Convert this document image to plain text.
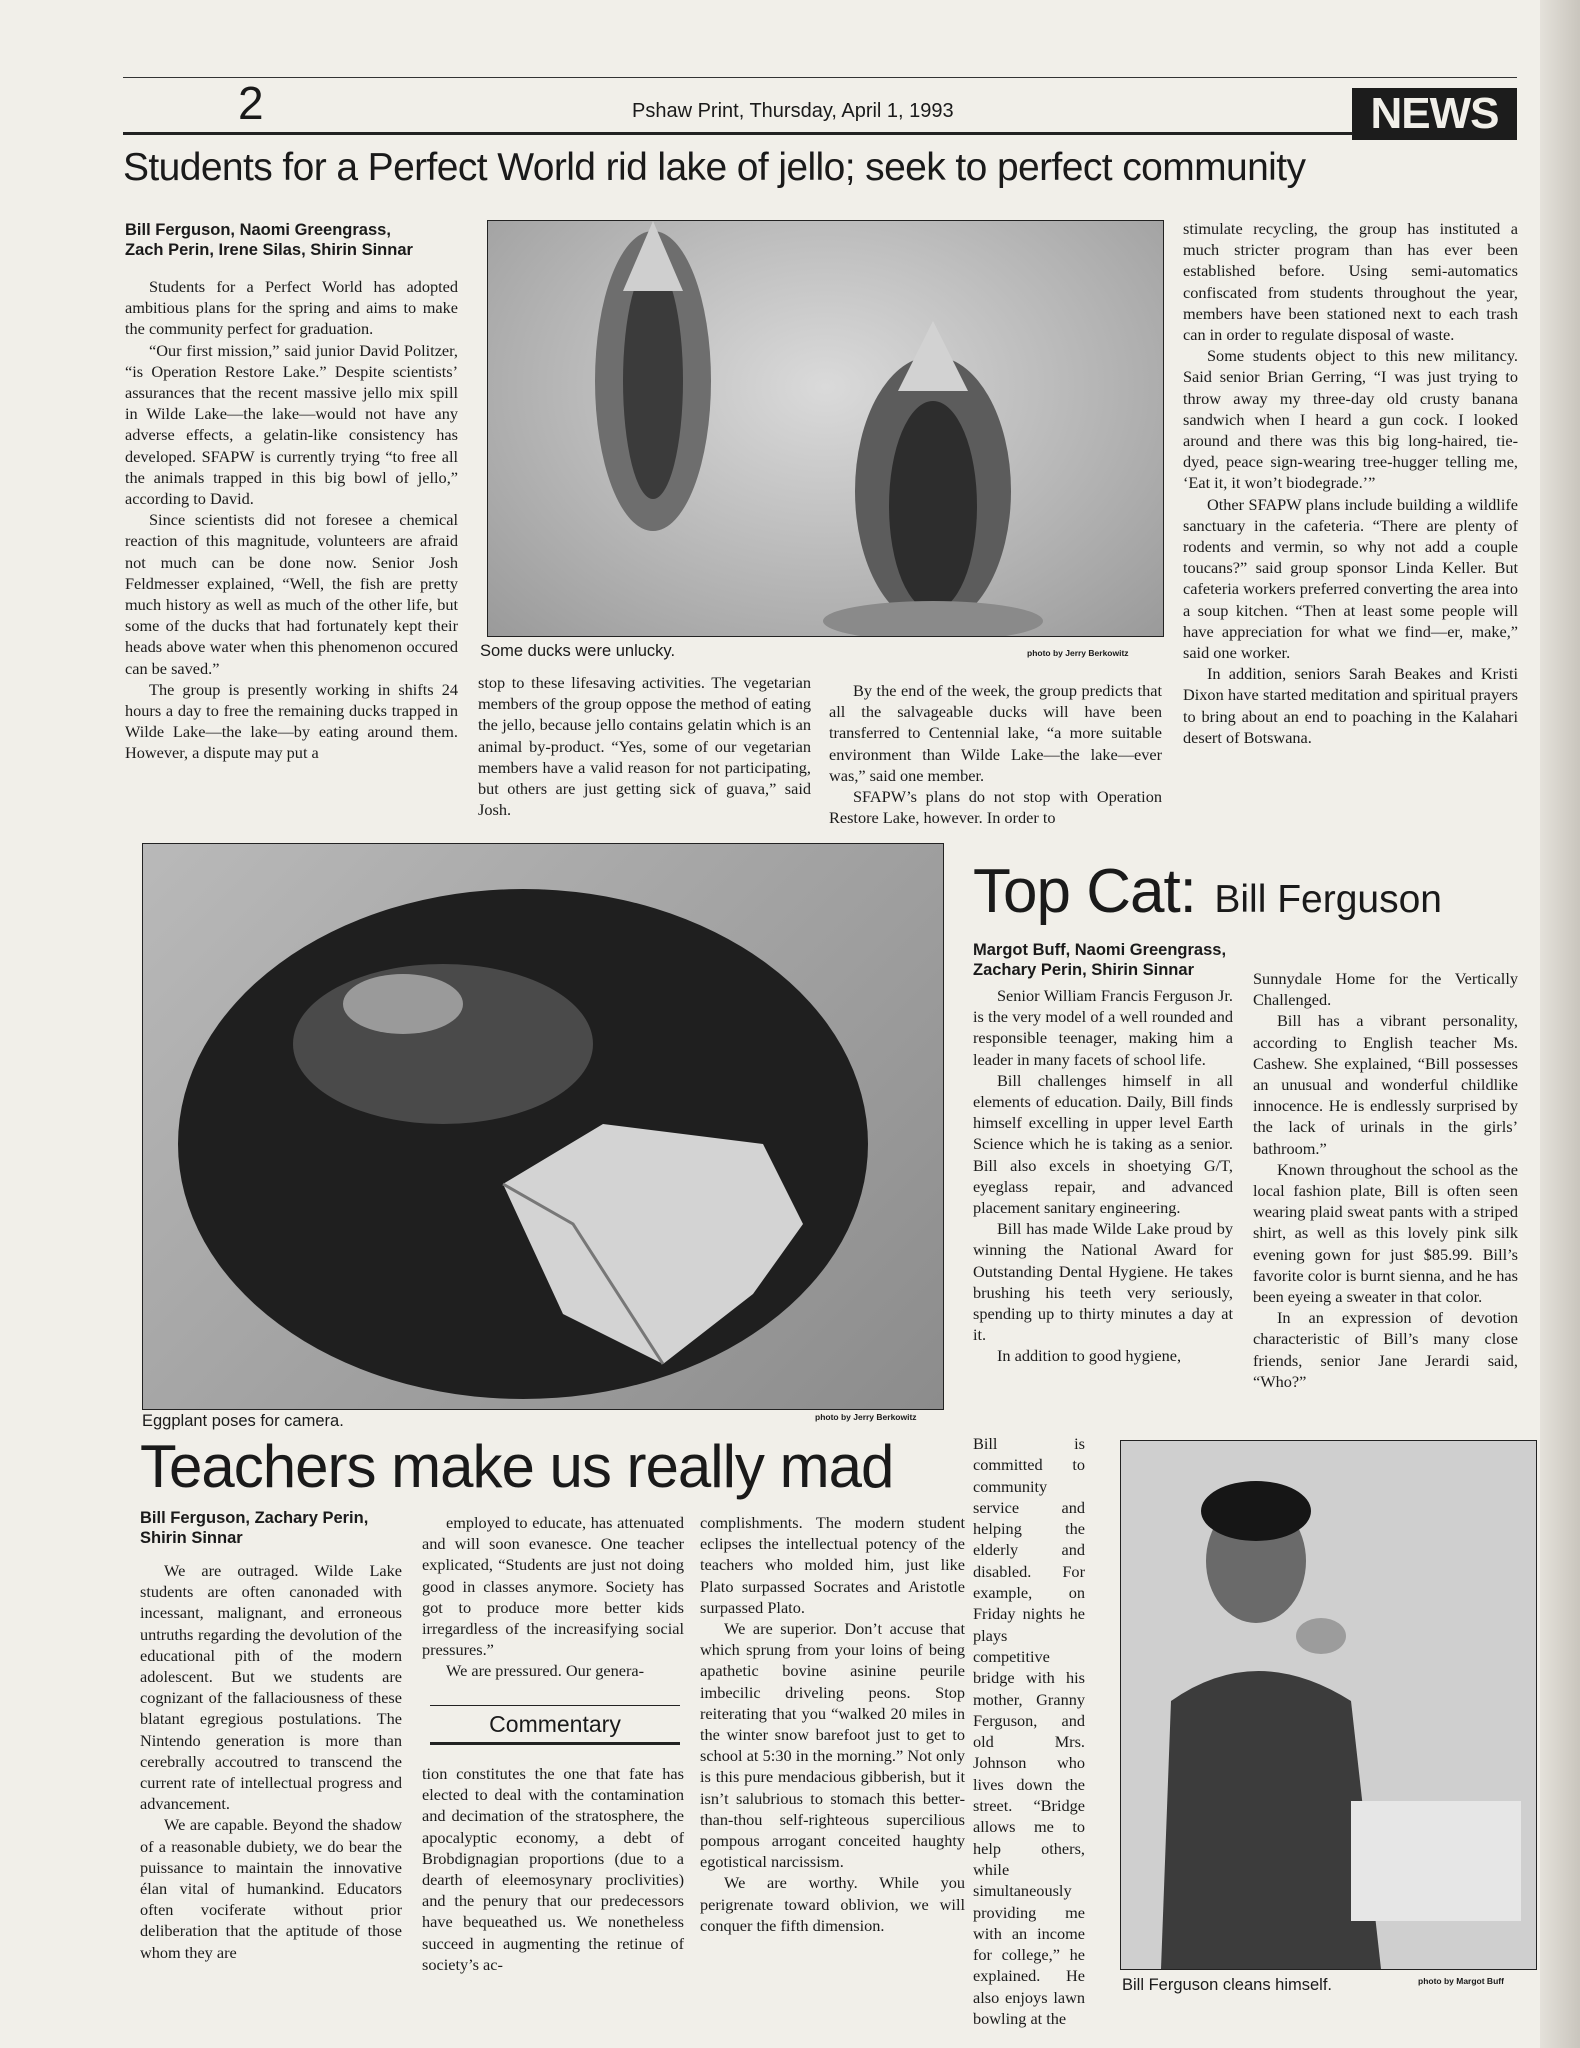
2	Pshaw Print, Thursday, April 1, 1993	NEWS
Students for a Perfect World rid lake of jello; seek to perfect community
Bill Ferguson, Naomi Greengrass,
Zach Perin, Irene Silas, Shirin Sinnar

Students for a Perfect World has adopted ambitious plans for the spring and aims to make the community perfect for graduation.

“Our first mission,” said junior David Politzer, “is Operation Restore Lake.” Despite scientists’ assurances that the recent massive jello mix spill in Wilde Lake—the lake—would not have any adverse effects, a gelatin-like consistency has developed. SFAPW is currently trying “to free all the animals trapped in this big bowl of jello,” according to David.

Since scientists did not foresee a chemical reaction of this magnitude, volunteers are afraid not much can be done now. Senior Josh Feldmesser explained, “Well, the fish are pretty much history as well as much of the other life, but some of the ducks that had fortunately kept their heads above water when this phenomenon occured can be saved.”

The group is presently working in shifts 24 hours a day to free the remaining ducks trapped in Wilde Lake—the lake—by eating around them. However, a dispute may put a

Some ducks were unlucky.	photo by Jerry Berkowitz

stop to these lifesaving activities. The vegetarian members of the group oppose the method of eating the jello, because jello contains gelatin which is an animal by-product. “Yes, some of our vegetarian members have a valid reason for not participating, but others are just getting sick of guava,” said Josh.

By the end of the week, the group predicts that all the salvageable ducks will have been transferred to Centennial lake, “a more suitable environment than Wilde Lake—the lake—ever was,” said one member.

SFAPW’s plans do not stop with Operation Restore Lake, however. In order to

stimulate recycling, the group has instituted a much stricter program than has ever been established before. Using semi-automatics confiscated from students throughout the year, members have been stationed next to each trash can in order to regulate disposal of waste.

Some students object to this new militancy. Said senior Brian Gerring, “I was just trying to throw away my three-day old crusty banana sandwich when I heard a gun cock. I looked around and there was this big long-haired, tie-dyed, peace sign-wearing tree-hugger telling me, ‘Eat it, it won’t biodegrade.’”

Other SFAPW plans include building a wildlife sanctuary in the cafeteria. “There are plenty of rodents and vermin, so why not add a couple toucans?” said group sponsor Linda Keller. But cafeteria workers preferred converting the area into a soup kitchen. “Then at least some people will have appreciation for what we find—er, make,” said one worker.

In addition, seniors Sarah Beakes and Kristi Dixon have started meditation and spiritual prayers to bring about an end to poaching in the Kalahari desert of Botswana.

Eggplant poses for camera.	photo by Jerry Berkowitz
Top Cat: Bill Ferguson
Margot Buff, Naomi Greengrass,
Zachary Perin, Shirin Sinnar

Senior William Francis Ferguson Jr. is the very model of a well rounded and responsible teenager, making him a leader in many facets of school life.

Bill challenges himself in all elements of education. Daily, Bill finds himself excelling in upper level Earth Science which he is taking as a senior. Bill also excels in shoetying G/T, eyeglass repair, and advanced placement sanitary engineering.

Bill has made Wilde Lake proud by winning the National Award for Outstanding Dental Hygiene. He takes brushing his teeth very seriously, spending up to thirty minutes a day at it.

In addition to good hygiene,

Bill is committed to community service and helping the elderly and disabled. For example, on Friday nights he plays competitive bridge with his mother, Granny Ferguson, and old Mrs. Johnson who lives down the street. “Bridge allows me to help others, while simultaneously providing me with an income for college,” he explained. He also enjoys lawn bowling at the

Sunnydale Home for the Vertically Challenged.

Bill has a vibrant personality, according to English teacher Ms. Cashew. She explained, “Bill possesses an unusual and wonderful childlike innocence. He is endlessly surprised by the lack of urinals in the girls’ bathroom.”

Known throughout the school as the local fashion plate, Bill is often seen wearing plaid sweat pants with a striped shirt, as well as this lovely pink silk evening gown for just $85.99. Bill’s favorite color is burnt sienna, and he has been eyeing a sweater in that color.

In an expression of devotion characteristic of Bill’s many close friends, senior Jane Jerardi said, “Who?”

Bill Ferguson cleans himself.	photo by Margot Buff
Teachers make us really mad
Bill Ferguson, Zachary Perin,
Shirin Sinnar

We are outraged. Wilde Lake students are often canonaded with incessant, malignant, and erroneous untruths regarding the devolution of the educational pith of the modern adolescent. But we students are cognizant of the fallaciousness of these blatant egregious postulations. The Nintendo generation is more than cerebrally accoutred to transcend the current rate of intellectual progress and advancement.

We are capable. Beyond the shadow of a reasonable dubiety, we do bear the puissance to maintain the innovative élan vital of humankind. Educators often vociferate without prior deliberation that the aptitude of those whom they are

employed to educate, has attenuated and will soon evanesce. One teacher explicated, “Students are just not doing good in classes anymore. Society has got to produce more better kids irregardless of the increasifying social pressures.”

We are pressured. Our genera-

Commentary

tion constitutes the one that fate has elected to deal with the contamination and decimation of the stratosphere, the apocalyptic economy, a debt of Brobdignagian proportions (due to a dearth of eleemosynary proclivities) and the penury that our predecessors have bequeathed us. We nonetheless succeed in augmenting the retinue of society’s ac-

complishments. The modern student eclipses the intellectual potency of the teachers who molded him, just like Plato surpassed Socrates and Aristotle surpassed Plato.

We are superior. Don’t accuse that which sprung from your loins of being apathetic bovine asinine peurile imbecilic driveling peons. Stop reiterating that you “walked 20 miles in the winter snow barefoot just to get to school at 5:30 in the morning.” Not only is this pure mendacious gibberish, but it isn’t salubrious to stomach this better-than-thou self-righteous supercilious pompous arrogant conceited haughty egotistical narcissism.

We are worthy. While you perigrenate toward oblivion, we will conquer the fifth dimension.
